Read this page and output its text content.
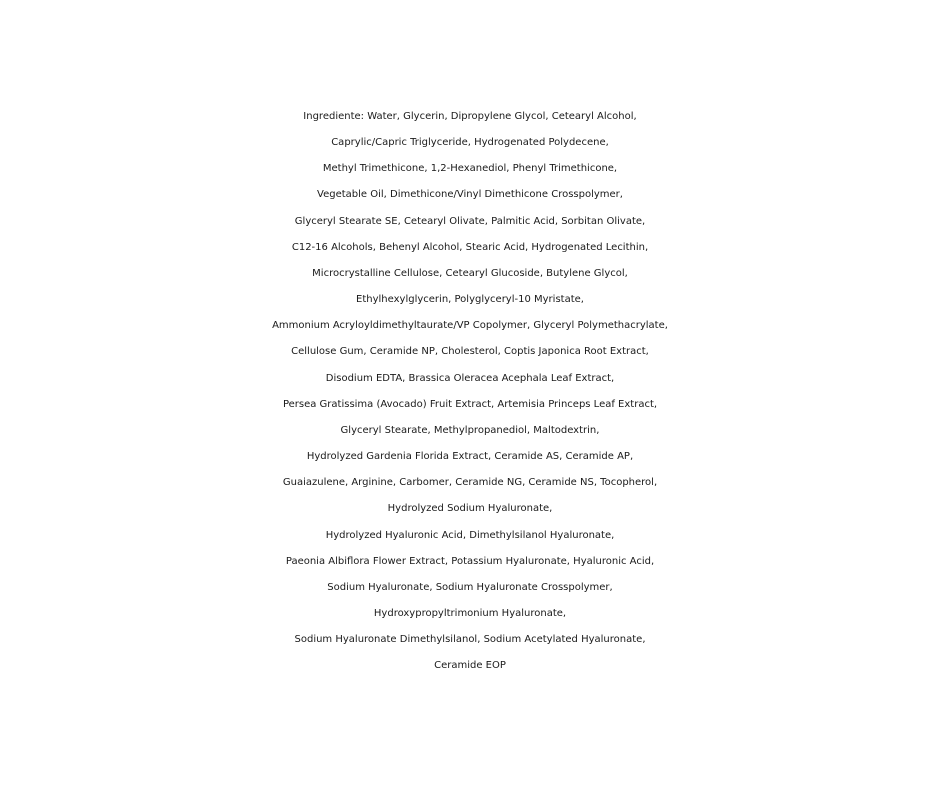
Ingrediente: Water, Glycerin, Dipropylene Glycol, Cetearyl Alcohol,
Caprylic/Capric Triglyceride, Hydrogenated Polydecene,
Methyl Trimethicone, 1,2-Hexanediol, Phenyl Trimethicone,
Vegetable Oil, Dimethicone/Vinyl Dimethicone Crosspolymer,
Glyceryl Stearate SE, Cetearyl Olivate, Palmitic Acid, Sorbitan Olivate,
C12-16 Alcohols, Behenyl Alcohol, Stearic Acid, Hydrogenated Lecithin,
Microcrystalline Cellulose, Cetearyl Glucoside, Butylene Glycol,
Ethylhexylglycerin, Polyglyceryl-10 Myristate,
Ammonium Acryloyldimethyltaurate/VP Copolymer, Glyceryl Polymethacrylate,
Cellulose Gum, Ceramide NP, Cholesterol, Coptis Japonica Root Extract,
Disodium EDTA, Brassica Oleracea Acephala Leaf Extract,
Persea Gratissima (Avocado) Fruit Extract, Artemisia Princeps Leaf Extract,
Glyceryl Stearate, Methylpropanediol, Maltodextrin,
Hydrolyzed Gardenia Florida Extract, Ceramide AS, Ceramide AP,
Guaiazulene, Arginine, Carbomer, Ceramide NG, Ceramide NS, Tocopherol,
Hydrolyzed Sodium Hyaluronate,
Hydrolyzed Hyaluronic Acid, Dimethylsilanol Hyaluronate,
Paeonia Albiflora Flower Extract, Potassium Hyaluronate, Hyaluronic Acid,
Sodium Hyaluronate, Sodium Hyaluronate Crosspolymer,
Hydroxypropyltrimonium Hyaluronate,
Sodium Hyaluronate Dimethylsilanol, Sodium Acetylated Hyaluronate,
Ceramide EOP
